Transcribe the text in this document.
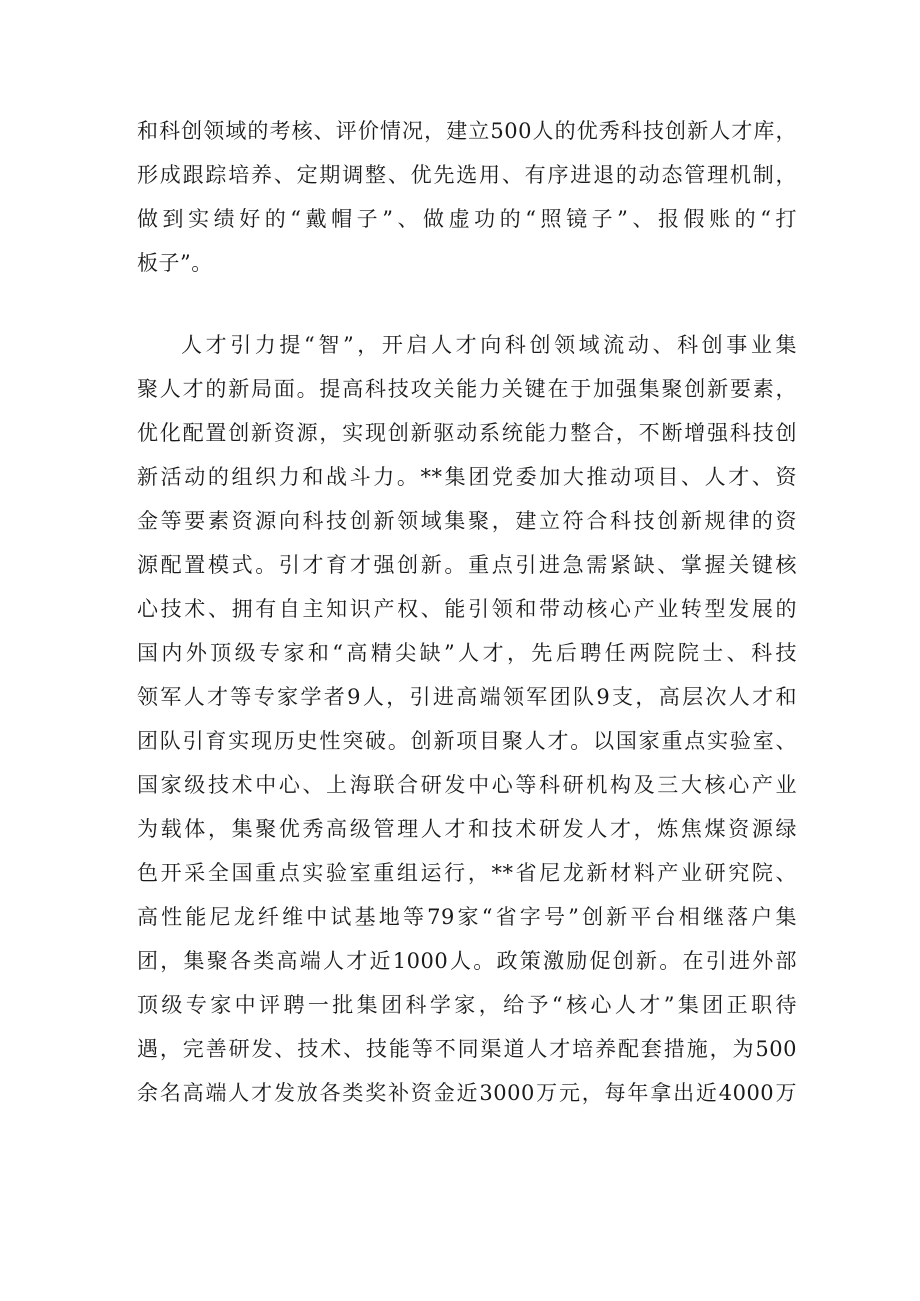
和科创领域的考核、评价情况，建立500人的优秀科技创新人才库，
形成跟踪培养、定期调整、优先选用、有序进退的动态管理机制，
做到实绩好的“戴帽子”、做虚功的“照镜子”、报假账的“打
板子”。
人才引力提“智”，开启人才向科创领域流动、科创事业集
聚人才的新局面。提高科技攻关能力关键在于加强集聚创新要素，
优化配置创新资源，实现创新驱动系统能力整合，不断增强科技创
新活动的组织力和战斗力。**集团党委加大推动项目、人才、资
金等要素资源向科技创新领域集聚，建立符合科技创新规律的资
源配置模式。引才育才强创新。重点引进急需紧缺、掌握关键核
心技术、拥有自主知识产权、能引领和带动核心产业转型发展的
国内外顶级专家和“高精尖缺”人才，先后聘任两院院士、科技
领军人才等专家学者9人，引进高端领军团队9支，高层次人才和
团队引育实现历史性突破。创新项目聚人才。以国家重点实验室、
国家级技术中心、上海联合研发中心等科研机构及三大核心产业
为载体，集聚优秀高级管理人才和技术研发人才，炼焦煤资源绿
色开采全国重点实验室重组运行，**省尼龙新材料产业研究院、
高性能尼龙纤维中试基地等79家“省字号”创新平台相继落户集
团，集聚各类高端人才近1000人。政策激励促创新。在引进外部
顶级专家中评聘一批集团科学家，给予“核心人才”集团正职待
遇，完善研发、技术、技能等不同渠道人才培养配套措施，为500
余名高端人才发放各类奖补资金近3000万元，每年拿出近4000万
